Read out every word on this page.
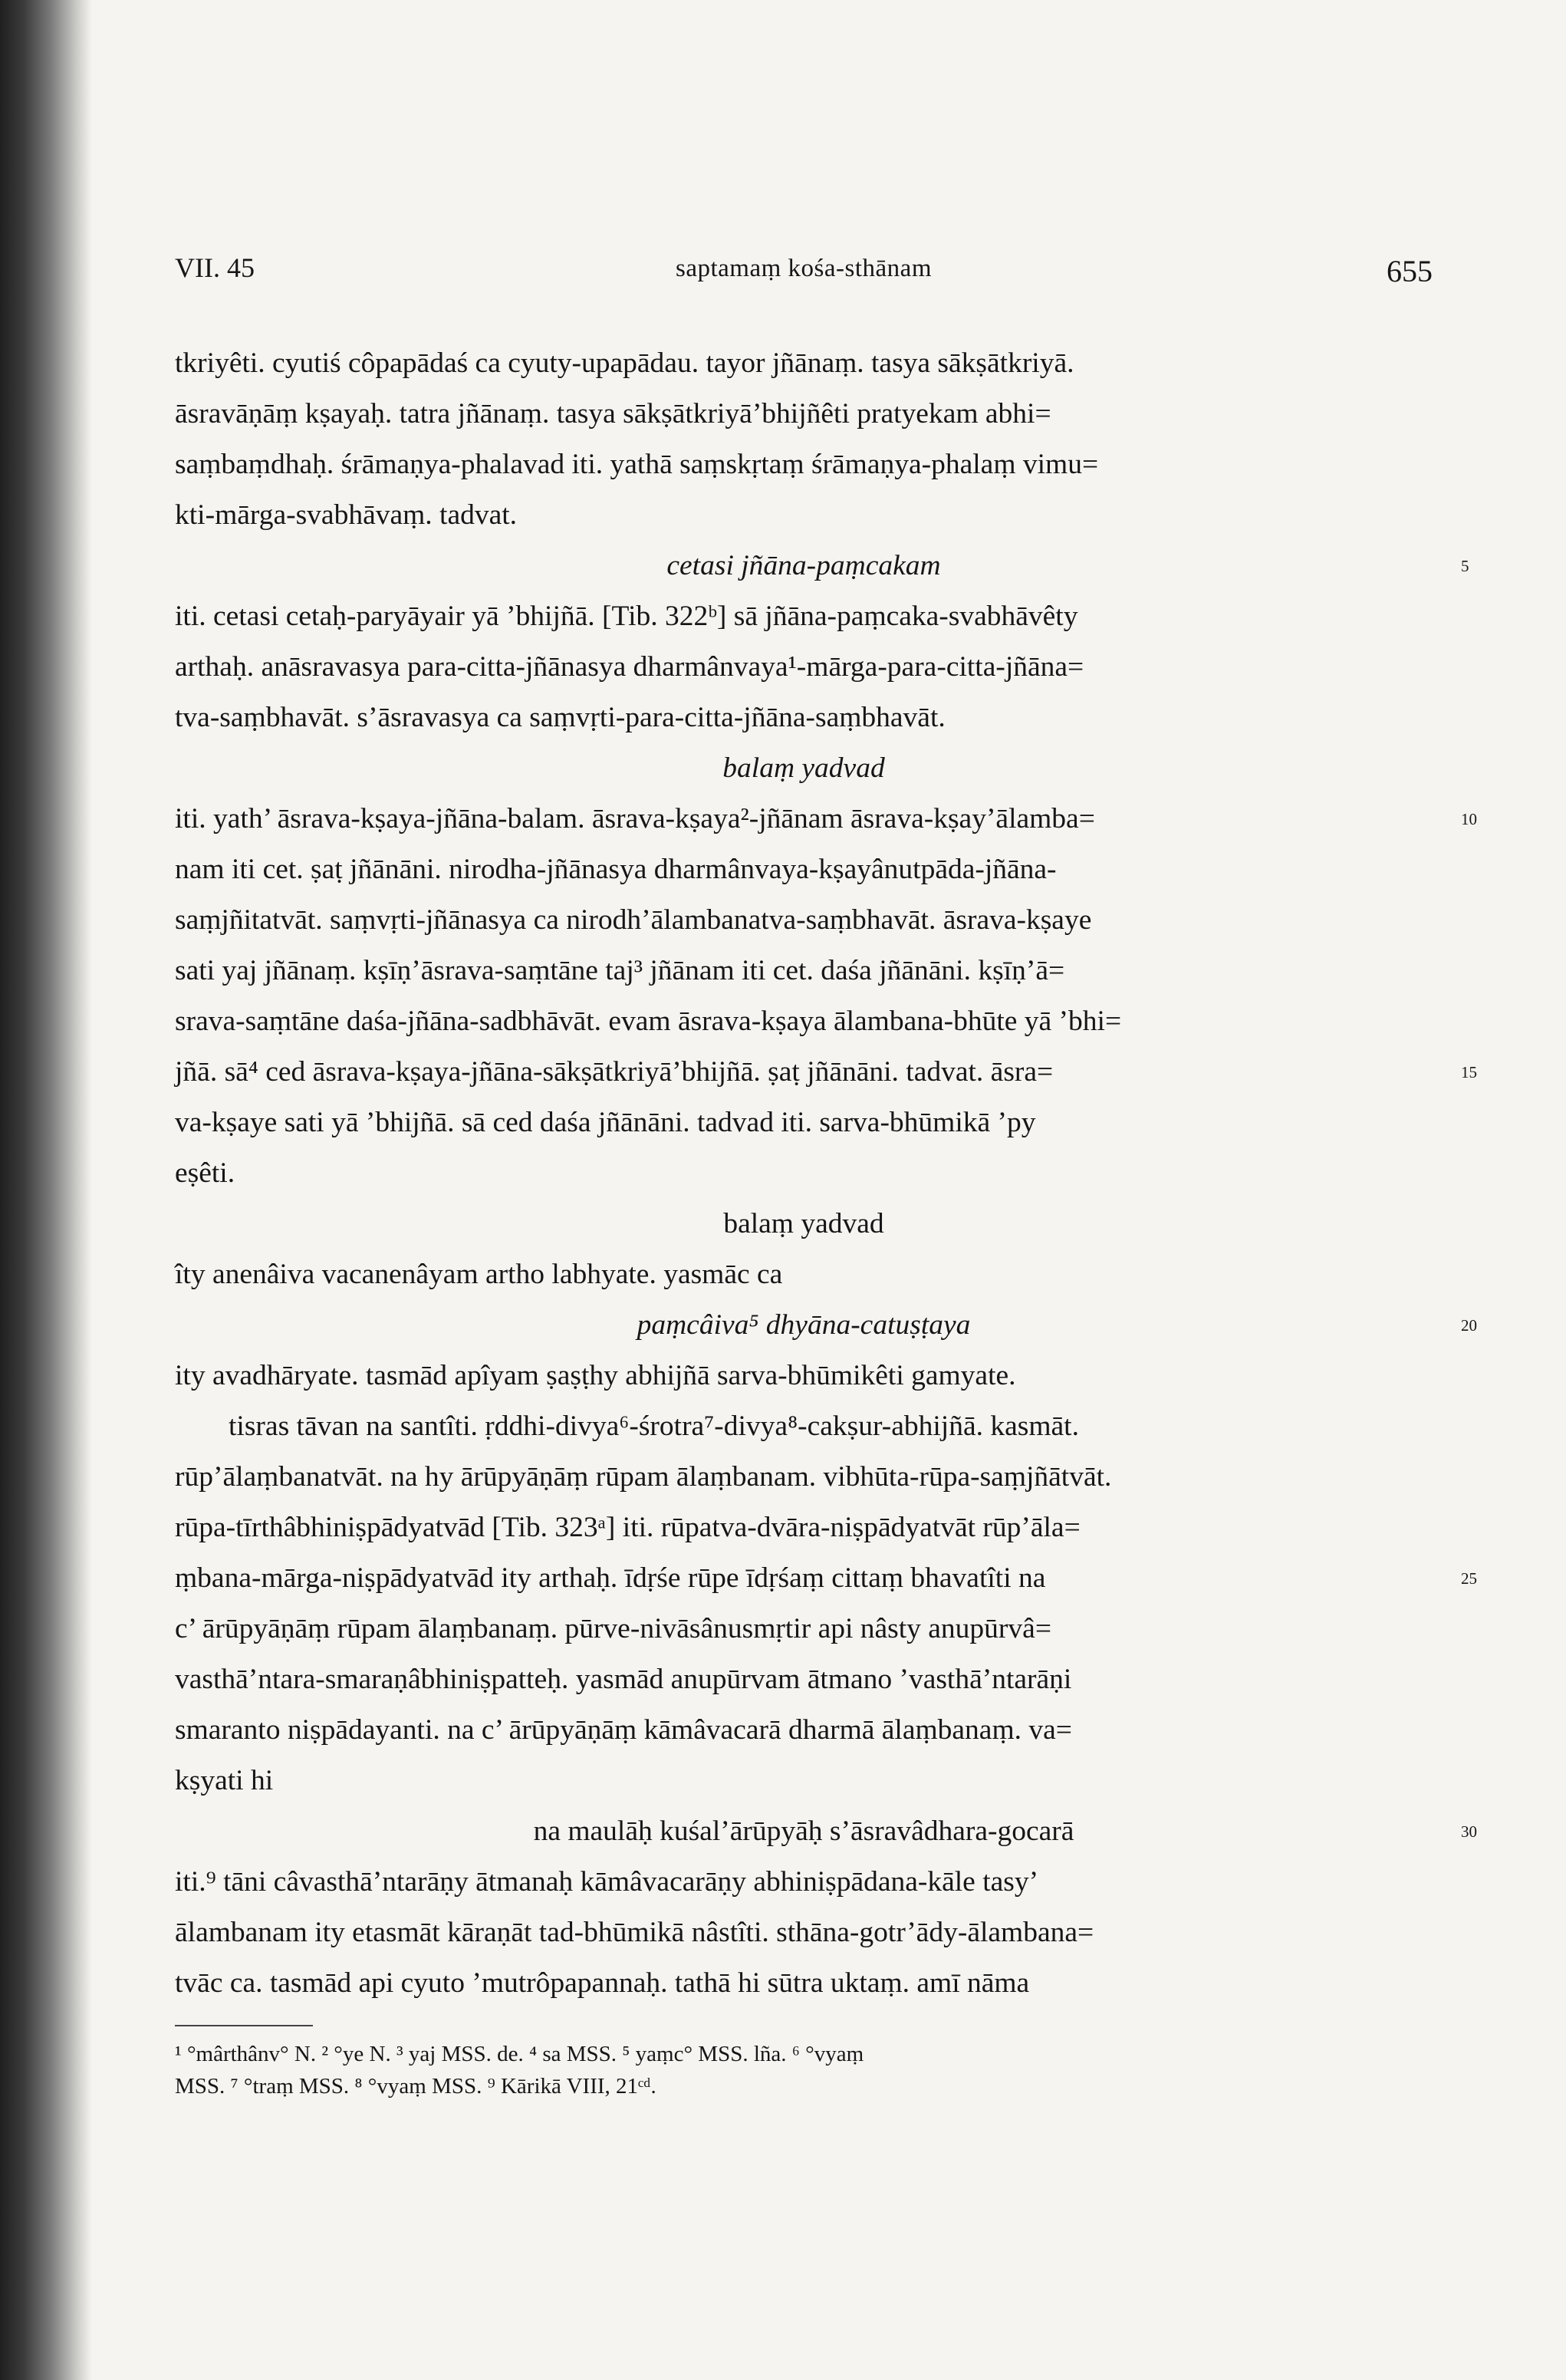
VII. 45	saptamaṃ kośa-sthānam	655
tkriyêti. cyutiś côpapādaś ca cyuty-upapādau. tayor jñānaṃ. tasya sākṣātkriyā.
āsravāṇāṃ kṣayaḥ. tatra jñānaṃ. tasya sākṣātkriyā’bhijñêti pratyekam abhi=
saṃbaṃdhaḥ. śrāmaṇya-phalavad iti. yathā saṃskṛtaṃ śrāmaṇya-phalaṃ vimu=
kti-mārga-svabhāvaṃ. tadvat.
cetasi jñāna-paṃcakam	5
iti. cetasi cetaḥ-paryāyair yā ’bhijñā. [Tib. 322ᵇ] sā jñāna-paṃcaka-svabhāvêty
arthaḥ. anāsravasya para-citta-jñānasya dharmânvaya¹-mārga-para-citta-jñāna=
tva-saṃbhavāt. s’āsravasya ca saṃvṛti-para-citta-jñāna-saṃbhavāt.
balaṃ yadvad
iti. yath’ āsrava-kṣaya-jñāna-balam. āsrava-kṣaya²-jñānam āsrava-kṣay’ālamba=	10
nam iti cet. ṣaṭ jñānāni. nirodha-jñānasya dharmânvaya-kṣayânutpāda-jñāna-
saṃjñitatvāt. saṃvṛti-jñānasya ca nirodh’ālambanatva-saṃbhavāt. āsrava-kṣaye
sati yaj jñānaṃ. kṣīṇ’āsrava-saṃtāne taj³ jñānam iti cet. daśa jñānāni. kṣīṇ’ā=
srava-saṃtāne daśa-jñāna-sadbhāvāt. evam āsrava-kṣaya ālambana-bhūte yā ’bhi=
jñā. sā⁴ ced āsrava-kṣaya-jñāna-sākṣātkriyā’bhijñā. ṣaṭ jñānāni. tadvat. āsra=	15
va-kṣaye sati yā ’bhijñā. sā ced daśa jñānāni. tadvad iti. sarva-bhūmikā ’py
eṣêti.
balaṃ yadvad
îty anenâiva vacanenâyam artho labhyate. yasmāc ca
paṃcâiva⁵ dhyāna-catuṣṭaya	20
ity avadhāryate. tasmād apîyam ṣaṣṭhy abhijñā sarva-bhūmikêti gamyate.
tisras tāvan na santîti. ṛddhi-divya⁶-śrotra⁷-divya⁸-cakṣur-abhijñā. kasmāt.
rūp’ālaṃbanatvāt. na hy ārūpyāṇāṃ rūpam ālaṃbanam. vibhūta-rūpa-saṃjñātvāt.
rūpa-tīrthâbhiniṣpādyatvād [Tib. 323ᵃ] iti. rūpatva-dvāra-niṣpādyatvāt rūp’āla=
ṃbana-mārga-niṣpādyatvād ity arthaḥ. īdṛśe rūpe īdṛśaṃ cittaṃ bhavatîti na	25
c’ ārūpyāṇāṃ rūpam ālaṃbanaṃ. pūrve-nivāsânusmṛtir api nâsty anupūrvâ=
vasthā’ntara-smaraṇâbhiniṣpatteḥ. yasmād anupūrvam ātmano ’vasthā’ntarāṇi
smaranto niṣpādayanti. na c’ ārūpyāṇāṃ kāmâvacarā dharmā ālaṃbanaṃ. va=
kṣyati hi
na maulāḥ kuśal’ārūpyāḥ s’āsravâdhara-gocarā	30
iti.⁹ tāni câvasthā’ntarāṇy ātmanaḥ kāmâvacarāṇy abhiniṣpādana-kāle tasy’
ālambanam ity etasmāt kāraṇāt tad-bhūmikā nâstîti. sthāna-gotr’ādy-ālambana=
tvāc ca. tasmād api cyuto ’mutrôpapannaḥ. tathā hi sūtra uktaṃ. amī nāma
¹ °mârthânv° N. ² °ye N. ³ yaj MSS. de. ⁴ sa MSS. ⁵ yaṃc° MSS. lña. ⁶ °vyaṃ
MSS. ⁷ °traṃ MSS. ⁸ °vyaṃ MSS. ⁹ Kārikā VIII, 21ᶜᵈ.
